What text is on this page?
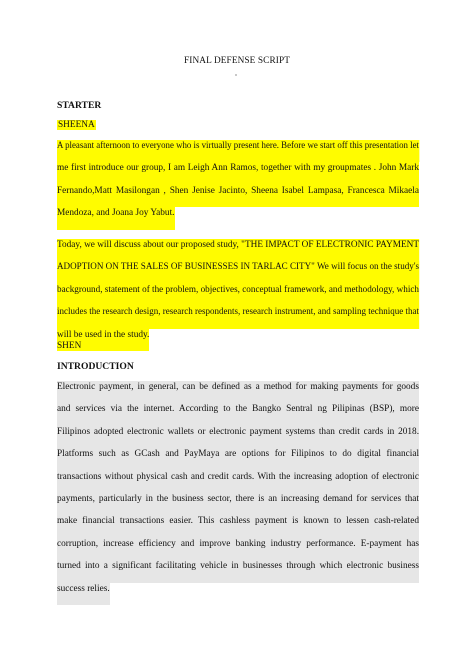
FINAL DEFENSE SCRIPT
STARTER
SHEENA
A pleasant afternoon to everyone who is virtually present here. Before we start off this presentation let
me first introduce our group, I am Leigh Ann Ramos, together with my groupmates . John Mark
Fernando,Matt Masilongan , Shen Jenise Jacinto, Sheena Isabel Lampasa, Francesca Mikaela
Mendoza, and Joana Joy Yabut.
Today, we will discuss about our proposed study, "THE IMPACT OF ELECTRONIC PAYMENT
ADOPTION ON THE SALES OF BUSINESSES IN TARLAC CITY" We will focus on the study's
background, statement of the problem, objectives, conceptual framework, and methodology, which
includes the research design, research respondents, research instrument, and sampling technique that
will be used in the study.
SHEN
INTRODUCTION
Electronic payment, in general, can be defined as a method for making payments for goods
and services via the internet. According to the Bangko Sentral ng Pilipinas (BSP), more
Filipinos adopted electronic wallets or electronic payment systems than credit cards in 2018.
Platforms such as GCash and PayMaya are options for Filipinos to do digital financial
transactions without physical cash and credit cards. With the increasing adoption of electronic
payments, particularly in the business sector, there is an increasing demand for services that
make financial transactions easier. This cashless payment is known to lessen cash-related
corruption, increase efficiency and improve banking industry performance. E-payment has
turned into a significant facilitating vehicle in businesses through which electronic business
success relies.
